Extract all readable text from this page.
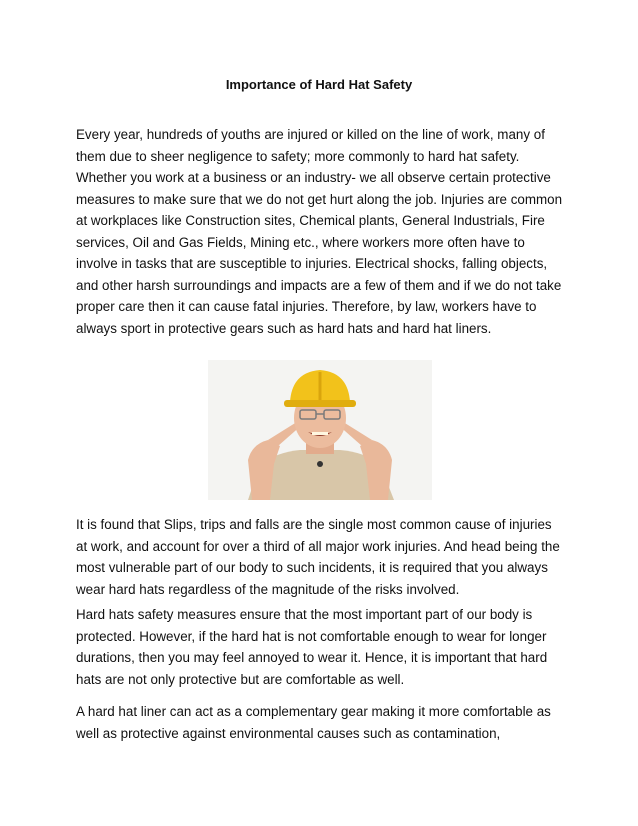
Importance of Hard Hat Safety

Every year, hundreds of youths are injured or killed on the line of work, many of them due to sheer negligence to safety; more commonly to hard hat safety. Whether you work at a business or an industry- we all observe certain protective measures to make sure that we do not get hurt along the job. Injuries are common at workplaces like Construction sites, Chemical plants, General Industrials, Fire services, Oil and Gas Fields, Mining etc., where workers more often have to involve in tasks that are susceptible to injuries. Electrical shocks, falling objects, and other harsh surroundings and impacts are a few of them and if we do not take proper care then it can cause fatal injuries. Therefore, by law, workers have to always sport in protective gears such as hard hats and hard hat liners.

It is found that Slips, trips and falls are the single most common cause of injuries at work, and account for over a third of all major work injuries. And head being the most vulnerable part of our body to such incidents, it is required that you always wear hard hats regardless of the magnitude of the risks involved.

Hard hats safety measures ensure that the most important part of our body is protected. However, if the hard hat is not comfortable enough to wear for longer durations, then you may feel annoyed to wear it. Hence, it is important that hard hats are not only protective but are comfortable as well.

A hard hat liner can act as a complementary gear making it more comfortable as well as protective against environmental causes such as contamination,
